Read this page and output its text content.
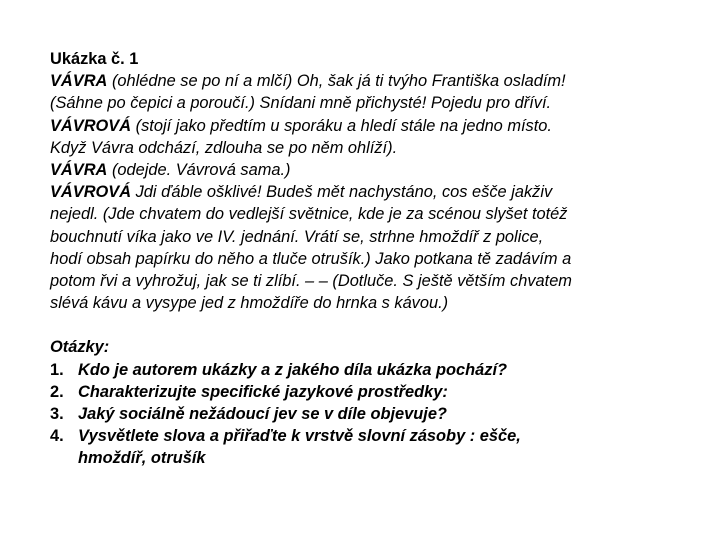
Ukázka č. 1
VÁVRA (ohlédne se po ní a mlčí) Oh, šak já ti tvýho Františka osladím!
(Sáhne po čepici a poroučí.) Snídani mně přichysté! Pojedu pro dříví.
VÁVROVÁ (stojí jako předtím u sporáku a hledí stále na jedno místo.
Když Vávra odchází, zdlouha se po něm ohlíží).
VÁVRA (odejde. Vávrová sama.)
VÁVROVÁ Jdi ďáble ošklivé! Budeš mět nachystáno, cos ešče jakživ
nejedl. (Jde chvatem do vedlejší světnice, kde je za scénou slyšet totéž
bouchnutí víka jako ve IV. jednání. Vrátí se, strhne hmoždíř z police,
hodí obsah papírku do něho a tluče otrušík.) Jako potkana tě zadávím a
potom řvi a vyhrožuj, jak se ti zlíbí. – – (Dotluče. S ještě větším chvatem
slévá kávu a vysype jed z hmoždíře do hrnka s kávou.)
Otázky:
1. Kdo je autorem ukázky a z jakého díla ukázka pochází?
2. Charakterizujte specifické jazykové prostředky:
3. Jaký sociálně nežádoucí jev se v díle objevuje?
4. Vysvětlete slova a přiřaďte k vrstvě slovní zásoby : ešče,
hmoždíř, otrušík
